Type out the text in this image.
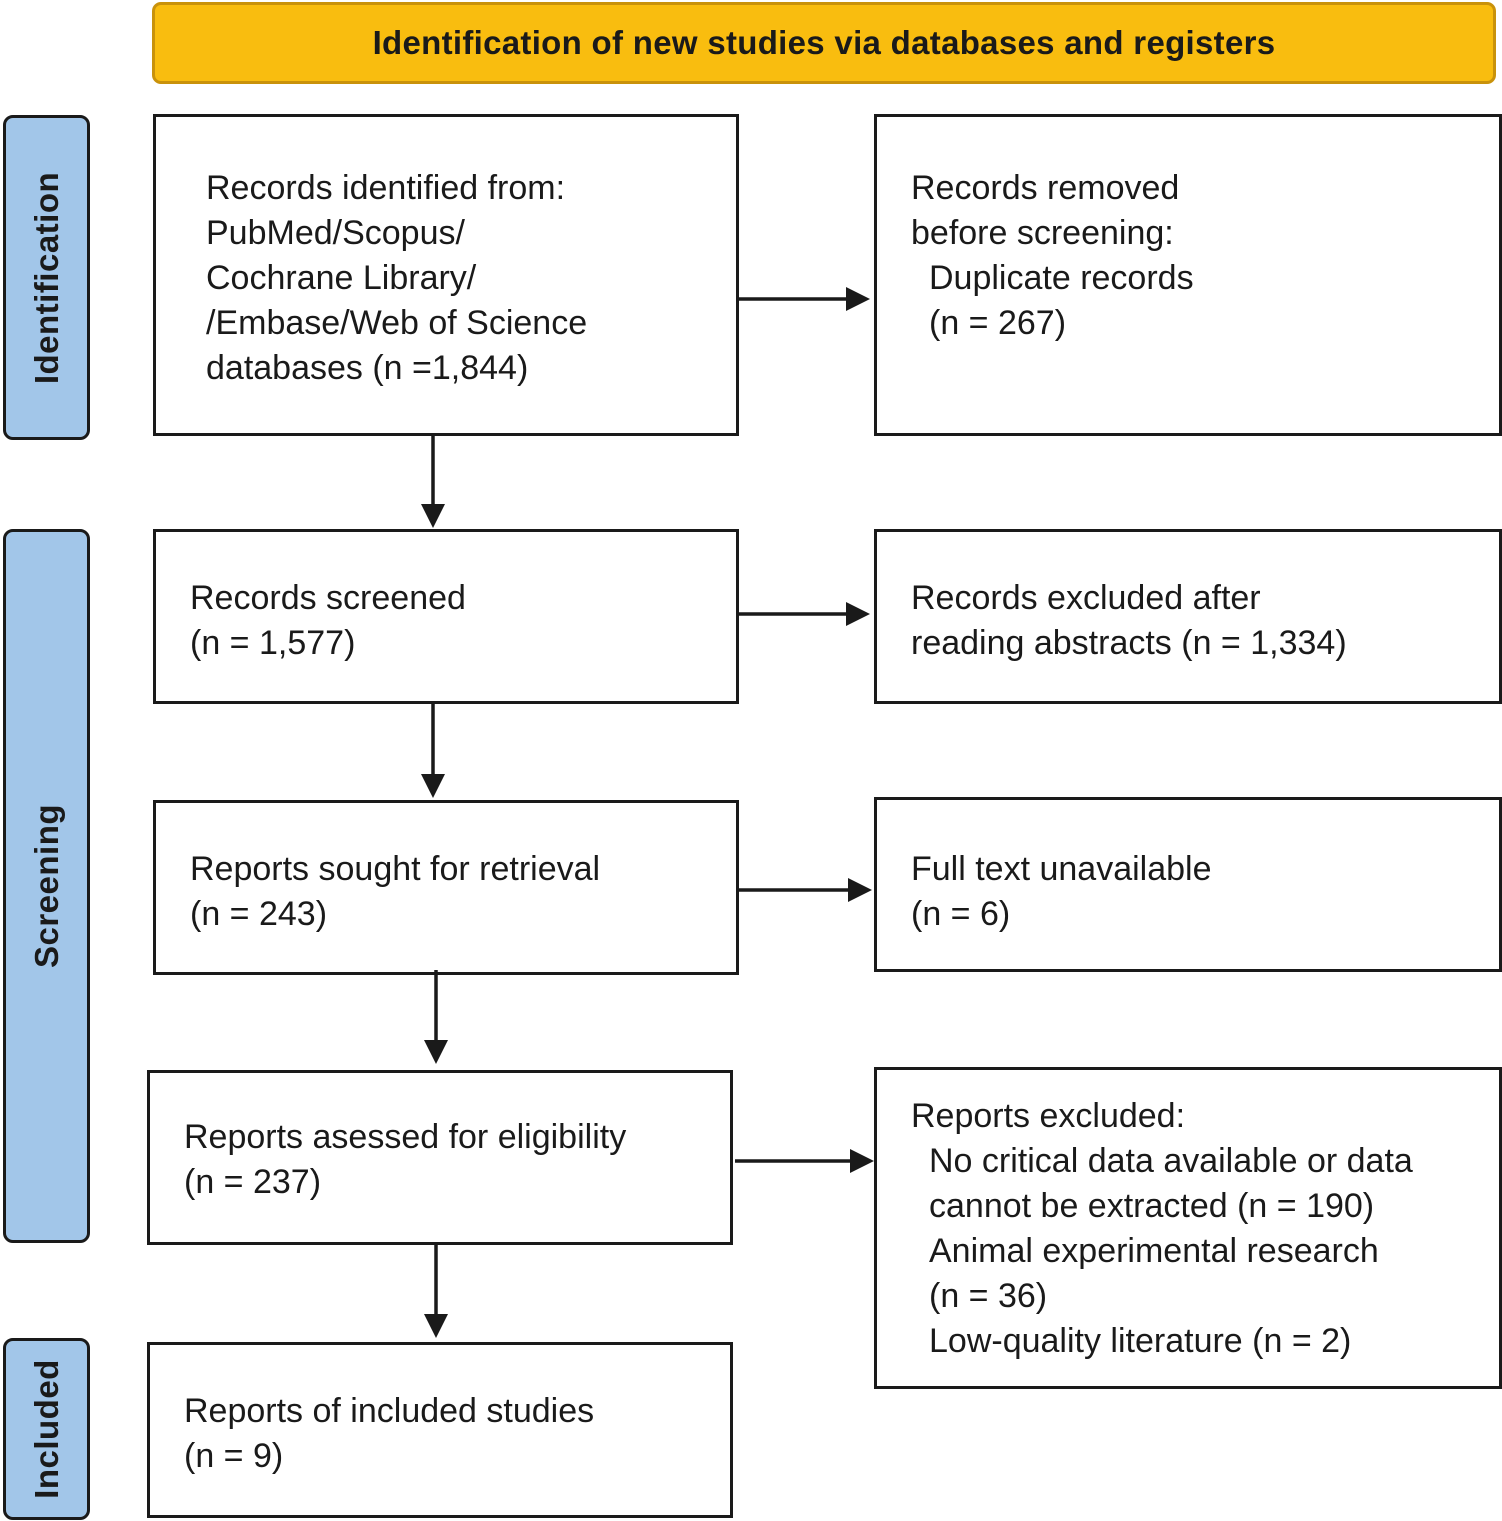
Identification of new studies via databases and registers
Identification
Screening
Included
Records identified from:
PubMed/Scopus/
Cochrane Library/
/Embase/Web of Science
databases (n =1,844)
Records screened
(n = 1,577)
Reports sought for retrieval
(n = 243)
Reports asessed for eligibility
(n = 237)
Reports of included studies
(n = 9)
Records removed
before screening:
Duplicate records
(n = 267)
Records excluded after
reading abstracts (n = 1,334)
Full text unavailable
(n = 6)
Reports excluded:
No critical data available or data
cannot be extracted (n = 190)
Animal experimental research
(n = 36)
Low-quality literature (n = 2)
